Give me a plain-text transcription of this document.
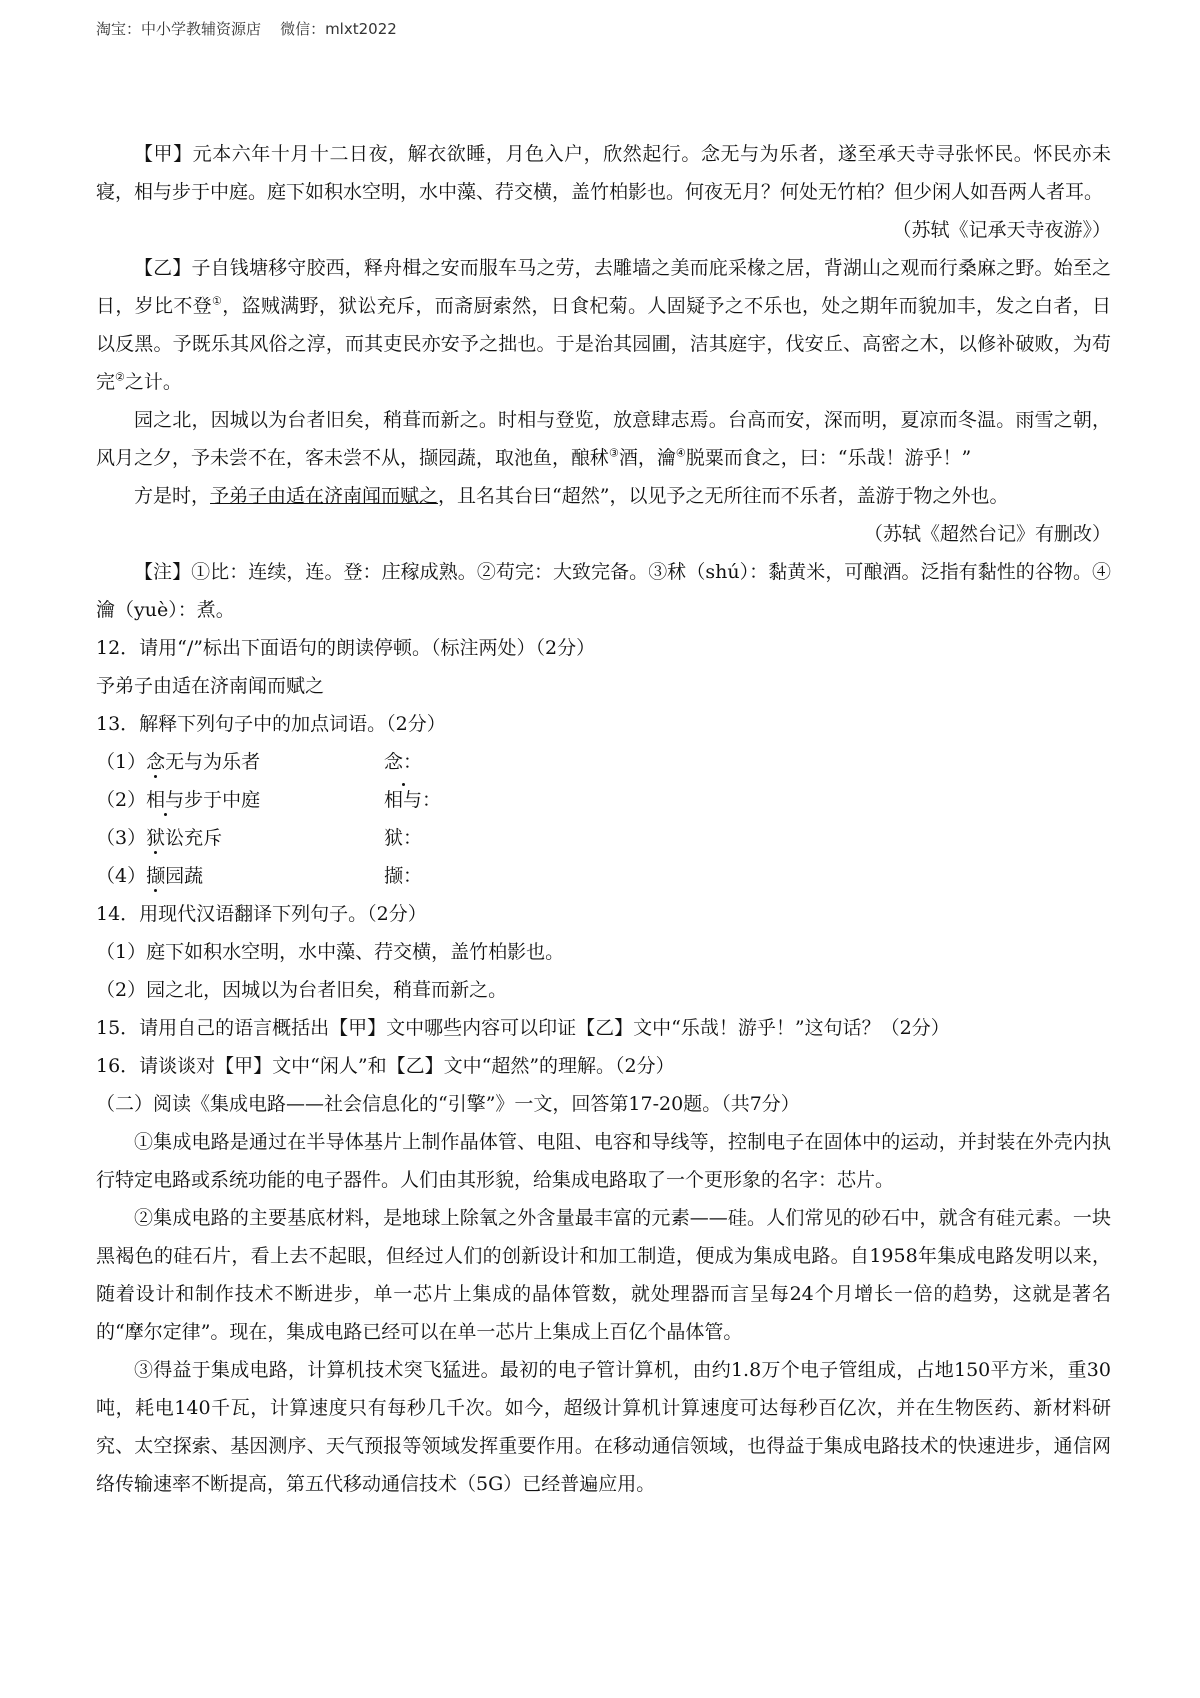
淘宝：中小学教辅资源店    微信：mlxt2022

【甲】元本六年十月十二日夜，解衣欲睡，月色入户，欣然起行。念无与为乐者，遂至承天寺寻张怀民。怀民亦未寝，相与步于中庭。庭下如积水空明，水中藻、荇交横，盖竹柏影也。何夜无月？何处无竹柏？但少闲人如吾两人者耳。

（苏轼《记承天寺夜游》）

【乙】子自钱塘移守胶西，释舟楫之安而服车马之劳，去雕墙之美而庇采椽之居，背湖山之观而行桑麻之野。始至之日，岁比不登①，盗贼满野，狱讼充斥，而斋厨索然，日食杞菊。人固疑予之不乐也，处之期年而貌加丰，发之白者，日以反黑。予既乐其风俗之淳，而其吏民亦安予之拙也。于是治其园圃，洁其庭宇，伐安丘、高密之木，以修补破败，为苟完②之计。

园之北，因城以为台者旧矣，稍葺而新之。时相与登览，放意肆志焉。台高而安，深而明，夏凉而冬温。雨雪之朝，风月之夕，予未尝不在，客未尝不从，撷园蔬，取池鱼，酿秫③酒，瀹④脱粟而食之，曰：“乐哉！游乎！”

方是时，予弟子由适在济南闻而赋之，且名其台曰“超然”，以见予之无所往而不乐者，盖游于物之外也。

（苏轼《超然台记》有删改）

【注】①比：连续，连。登：庄稼成熟。②苟完：大致完备。③秫（shú）：黏黄米，可酿酒。泛指有黏性的谷物。④瀹（yuè）：煮。

12．请用“/”标出下面语句的朗读停顿。（标注两处）（2分）

予弟子由适在济南闻而赋之

13．解释下列句子中的加点词语。（2分）

（1）念无与为乐者	念：
（2）相与步于中庭	相与：
（3）狱讼充斥	狱：
（4）撷园蔬	撷：

14．用现代汉语翻译下列句子。（2分）

（1）庭下如积水空明，水中藻、荇交横，盖竹柏影也。

（2）园之北，因城以为台者旧矣，稍葺而新之。

15．请用自己的语言概括出【甲】文中哪些内容可以印证【乙】文中“乐哉！游乎！”这句话？（2分）

16．请谈谈对【甲】文中“闲人”和【乙】文中“超然”的理解。（2分）

（二）阅读《集成电路——社会信息化的“引擎”》一文，回答第17-20题。（共7分）

①集成电路是通过在半导体基片上制作晶体管、电阻、电容和导线等，控制电子在固体中的运动，并封装在外壳内执行特定电路或系统功能的电子器件。人们由其形貌，给集成电路取了一个更形象的名字：芯片。

②集成电路的主要基底材料，是地球上除氧之外含量最丰富的元素——硅。人们常见的砂石中，就含有硅元素。一块黑褐色的硅石片，看上去不起眼，但经过人们的创新设计和加工制造，便成为集成电路。自1958年集成电路发明以来，随着设计和制作技术不断进步，单一芯片上集成的晶体管数，就处理器而言呈每24个月增长一倍的趋势，这就是著名的“摩尔定律”。现在，集成电路已经可以在单一芯片上集成上百亿个晶体管。

③得益于集成电路，计算机技术突飞猛进。最初的电子管计算机，由约1.8万个电子管组成，占地150平方米，重30吨，耗电140千瓦，计算速度只有每秒几千次。如今，超级计算机计算速度可达每秒百亿次，并在生物医药、新材料研究、太空探索、基因测序、天气预报等领域发挥重要作用。在移动通信领域，也得益于集成电路技术的快速进步，通信网络传输速率不断提高，第五代移动通信技术（5G）已经普遍应用。
